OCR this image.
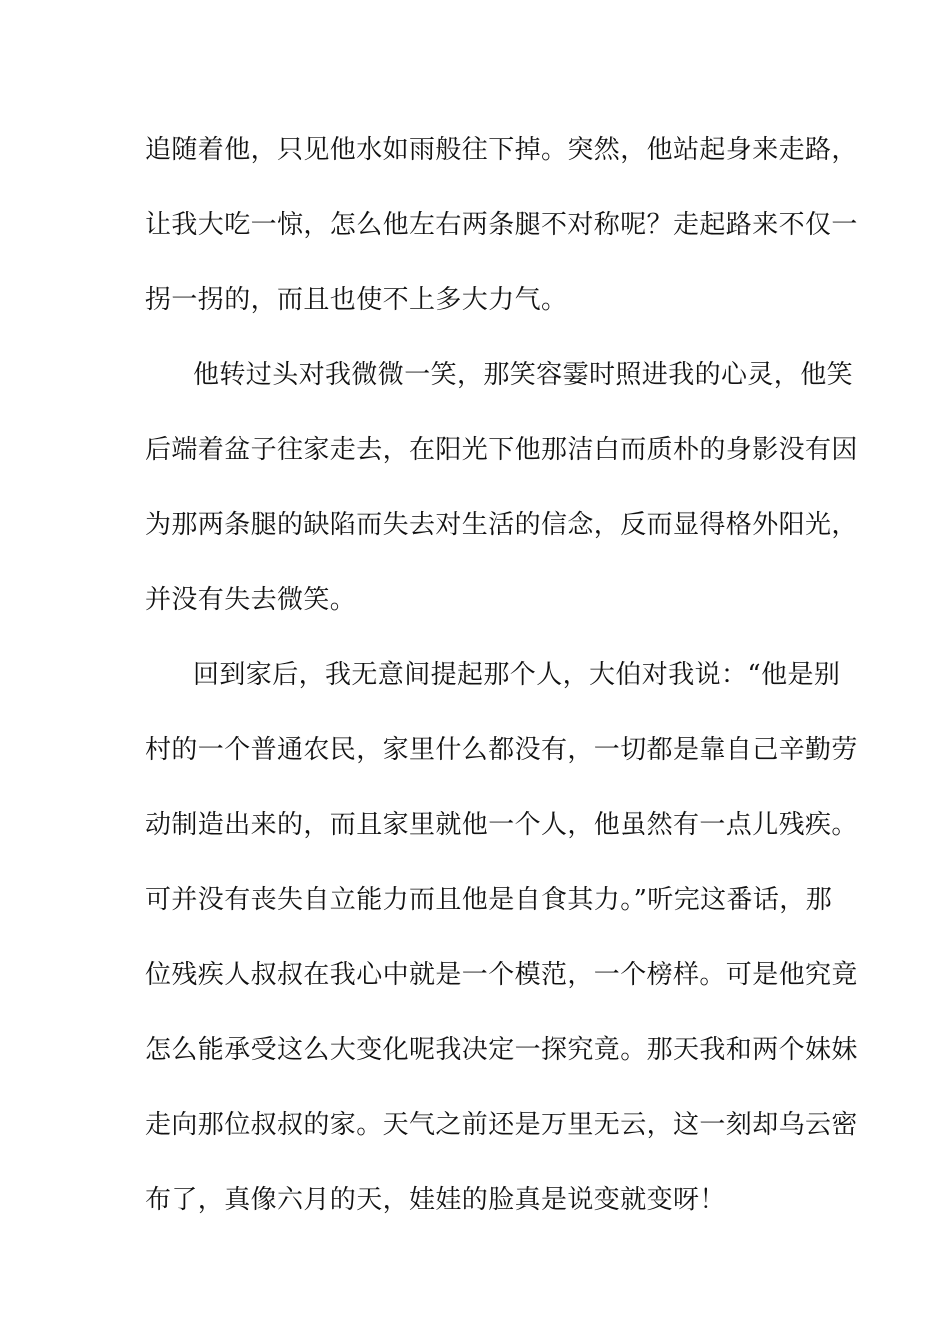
追随着他，只见他水如雨般往下掉。突然，他站起身来走路，
让我大吃一惊，怎么他左右两条腿不对称呢？走起路来不仅一
拐一拐的，而且也使不上多大力气。
他转过头对我微微一笑，那笑容霎时照进我的心灵，他笑
后端着盆子往家走去，在阳光下他那洁白而质朴的身影没有因
为那两条腿的缺陷而失去对生活的信念，反而显得格外阳光，
并没有失去微笑。
回到家后，我无意间提起那个人，大伯对我说：“他是别
村的一个普通农民，家里什么都没有，一切都是靠自己辛勤劳
动制造出来的，而且家里就他一个人，他虽然有一点儿残疾。
可并没有丧失自立能力而且他是自食其力。”听完这番话，那
位残疾人叔叔在我心中就是一个模范，一个榜样。可是他究竟
怎么能承受这么大变化呢我决定一探究竟。那天我和两个妹妹
走向那位叔叔的家。天气之前还是万里无云，这一刻却乌云密
布了，真像六月的天，娃娃的脸真是说变就变呀！
